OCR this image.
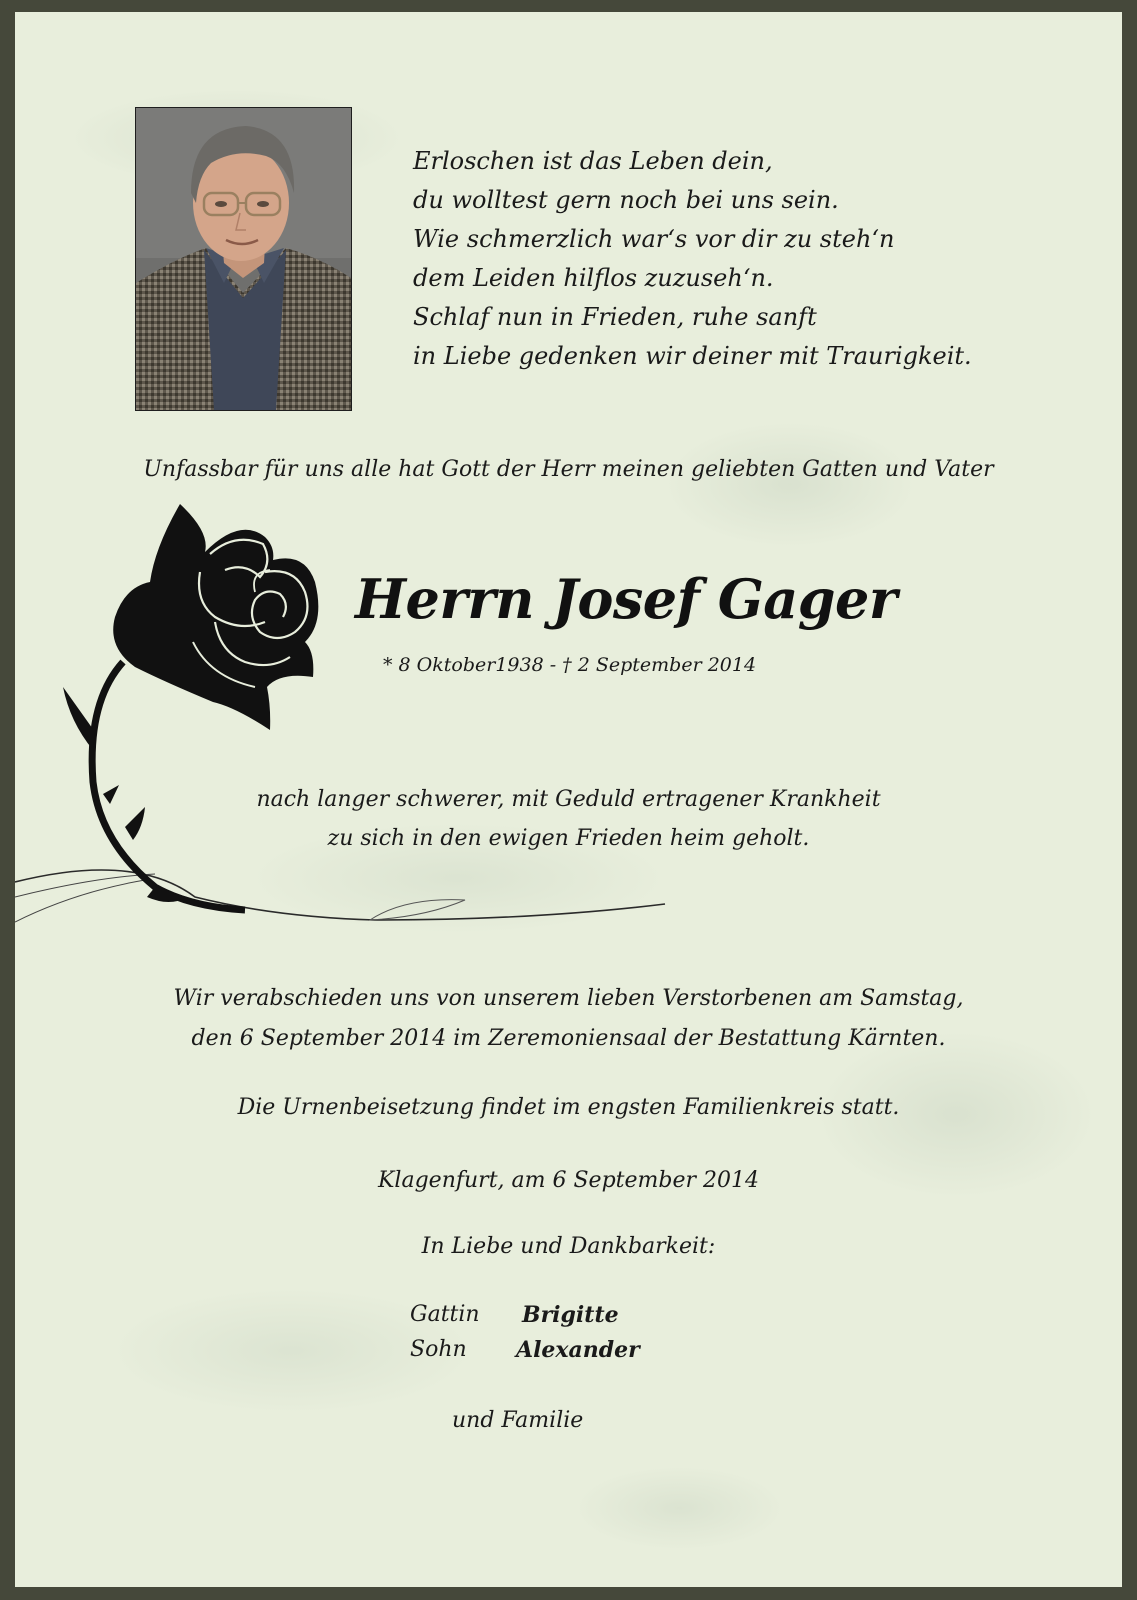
Erloschen ist das Leben dein,
du wolltest gern noch bei uns sein.
Wie schmerzlich war‘s vor dir zu steh‘n
dem Leiden hilflos zuzuseh‘n.
Schlaf nun in Frieden, ruhe sanft
in Liebe gedenken wir deiner mit Traurigkeit.
Unfassbar für uns alle hat Gott der Herr meinen geliebten Gatten und Vater
Herrn Josef Gager
* 8 Oktober1938 - † 2 September 2014
nach langer schwerer, mit Geduld ertragener Krankheit
zu sich in den ewigen Frieden heim geholt.
Wir verabschieden uns von unserem lieben Verstorbenen am Samstag,
den 6 September 2014 im Zeremoniensaal der Bestattung Kärnten.
Die Urnenbeisetzung findet im engsten Familienkreis statt.
Klagenfurt, am 6 September 2014
In Liebe und Dankbarkeit:
Gattin Brigitte
Sohn Alexander
und Familie
